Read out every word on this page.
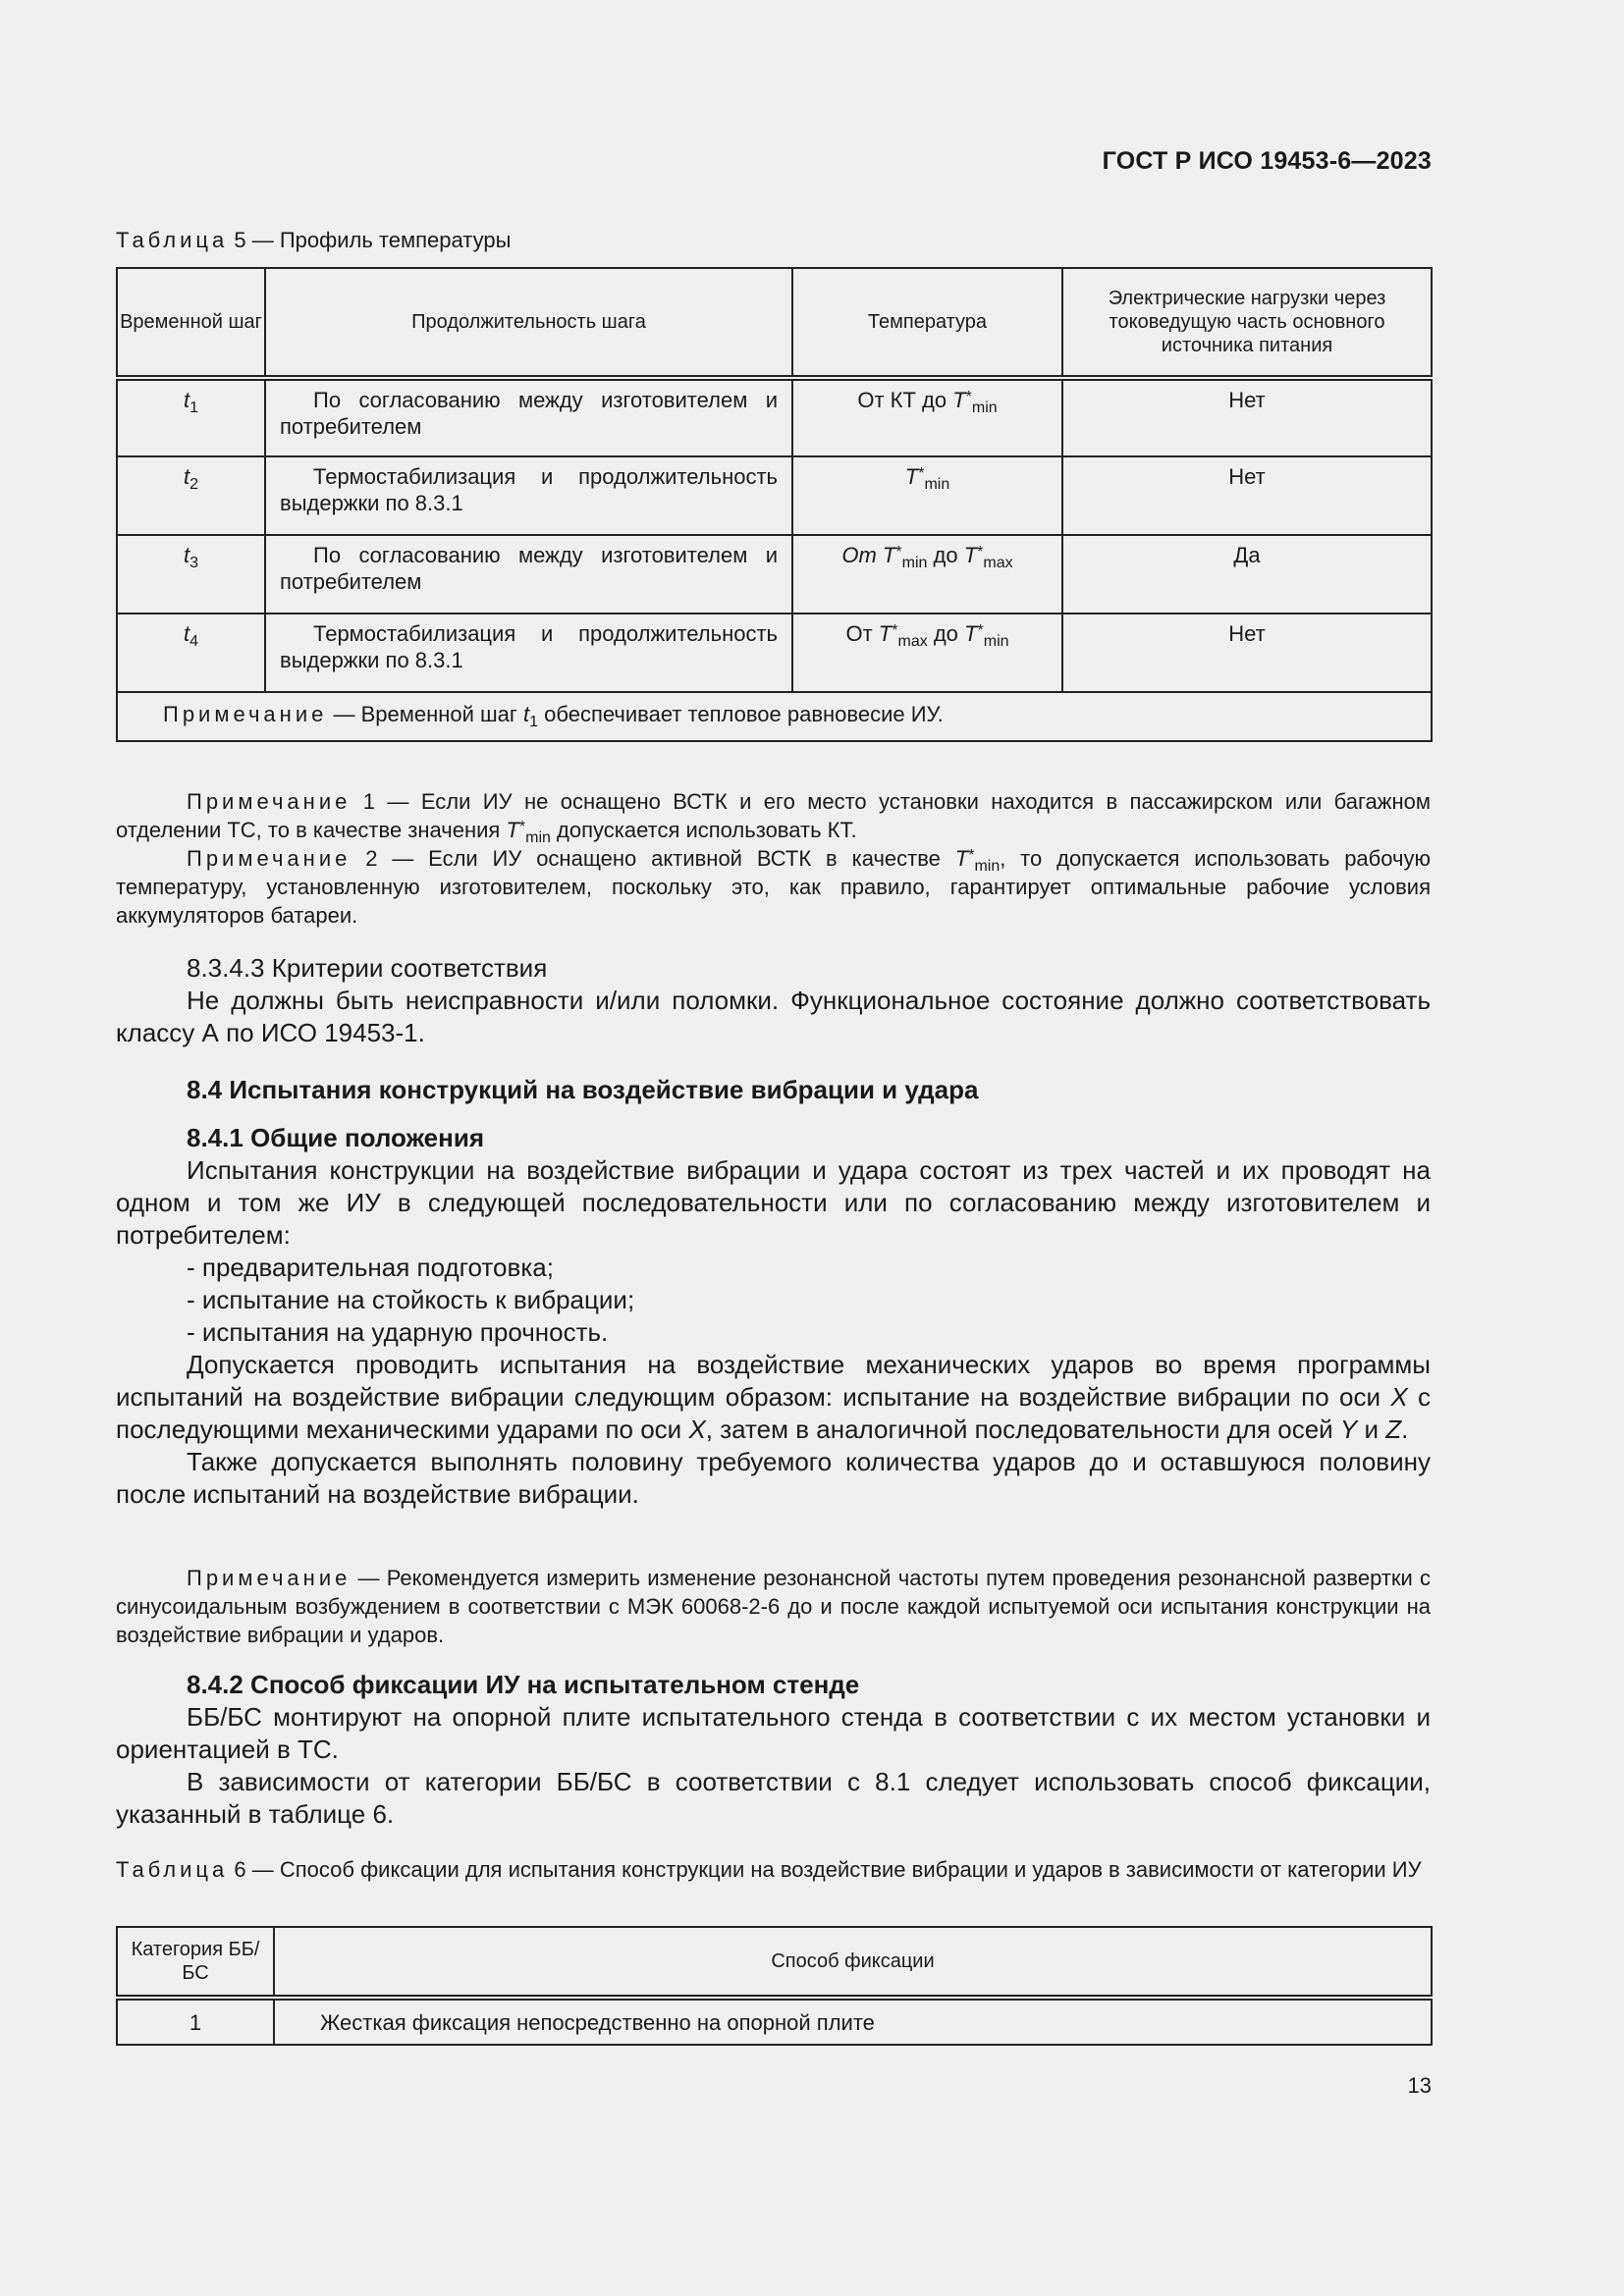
ГОСТ Р ИСО 19453-6—2023
Таблица 5 — Профиль температуры
Временной шаг	Продолжительность шага	Температура	Электрические нагрузки через токоведущую часть основного источника питания
$t_1$	По согласованию между изготовителем и потребителем	От КТ до $T^*_{min}$	Нет
$t_2$	Термостабилизация и продолжительность выдержки по 8.3.1	$T^*_{min}$	Нет
$t_3$	По согласованию между изготовителем и потребителем	От $T^*_{min}$ до $T^*_{max}$	Да
$t_4$	Термостабилизация и продолжительность выдержки по 8.3.1	От $T^*_{max}$ до $T^*_{min}$	Нет
Примечание — Временной шаг $t_1$ обеспечивает тепловое равновесие ИУ.			

Примечание 1 — Если ИУ не оснащено ВСТК и его место установки находится в пассажирском или багажном отделении ТС, то в качестве значения $T^*_{min}$ допускается использовать КТ.

Примечание 2 — Если ИУ оснащено активной ВСТК в качестве $T^*_{min}$, то допускается использовать рабочую температуру, установленную изготовителем, поскольку это, как правило, гарантирует оптимальные рабочие условия аккумуляторов батареи.

8.3.4.3 Критерии соответствия

Не должны быть неисправности и/или поломки. Функциональное состояние должно соответствовать классу А по ИСО 19453-1.

8.4 Испытания конструкций на воздействие вибрации и удара

8.4.1 Общие положения

Испытания конструкции на воздействие вибрации и удара состоят из трех частей и их проводят на одном и том же ИУ в следующей последовательности или по согласованию между изготовителем и потребителем:

- предварительная подготовка;

- испытание на стойкость к вибрации;

- испытания на ударную прочность.

Допускается проводить испытания на воздействие механических ударов во время программы испытаний на воздействие вибрации следующим образом: испытание на воздействие вибрации по оси X с последующими механическими ударами по оси X, затем в аналогичной последовательности для осей Y и Z.

Также допускается выполнять половину требуемого количества ударов до и оставшуюся половину после испытаний на воздействие вибрации.

Примечание — Рекомендуется измерить изменение резонансной частоты путем проведения резонансной развертки с синусоидальным возбуждением в соответствии с МЭК 60068-2-6 до и после каждой испытуемой оси испытания конструкции на воздействие вибрации и ударов.

8.4.2 Способ фиксации ИУ на испытательном стенде

ББ/БС монтируют на опорной плите испытательного стенда в соответствии с их местом установки и ориентацией в ТС.

В зависимости от категории ББ/БС в соответствии с 8.1 следует использовать способ фиксации, указанный в таблице 6.

Таблица 6 — Способ фиксации для испытания конструкции на воздействие вибрации и ударов в зависимости от категории ИУ
Категория ББ/БС	Способ фиксации
1	Жесткая фиксация непосредственно на опорной плите
13
